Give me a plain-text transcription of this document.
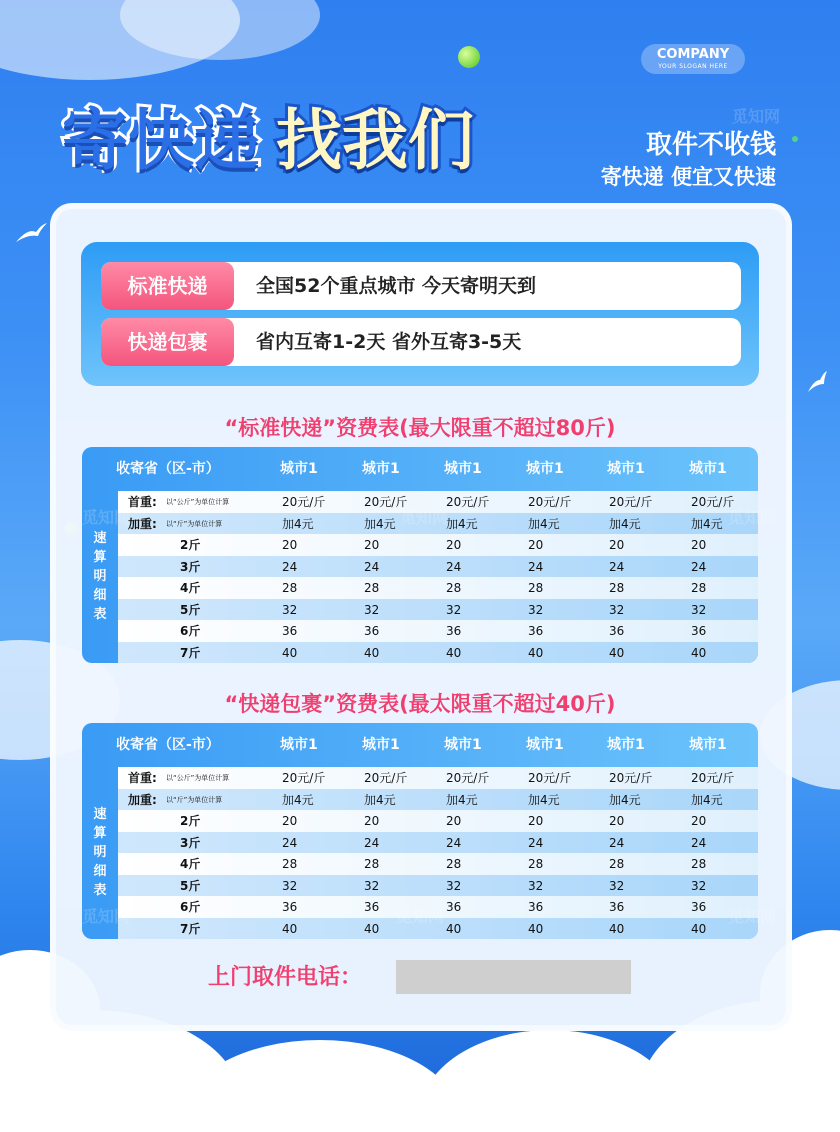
COMPANY
YOUR SLOGAN HERE
寄快递 找我们	取件不收钱
寄快递 便宜又快速
标准快递	全国52个重点城市 今天寄明天到
快递包裹	省内互寄1-2天 省外互寄3-5天
“标准快递”资费表(最大限重不超过80斤)
收寄省（区-市）	城市1	城市1	城市1	城市1	城市1	城市1
速
算
明
细
表
首重: 以“公斤”为单位计算	20元/斤	20元/斤	20元/斤	20元/斤	20元/斤	20元/斤
加重: 以“斤”为单位计算	加4元	加4元	加4元	加4元	加4元	加4元
2斤	20	20	20	20	20	20
3斤	24	24	24	24	24	24
4斤	28	28	28	28	28	28
5斤	32	32	32	32	32	32
6斤	36	36	36	36	36	36
7斤	40	40	40	40	40	40
“快递包裹”资费表(最太限重不超过40斤)
收寄省（区-市）	城市1	城市1	城市1	城市1	城市1	城市1
速
算
明
细
表
首重: 以“公斤”为单位计算	20元/斤	20元/斤	20元/斤	20元/斤	20元/斤	20元/斤
加重: 以“斤”为单位计算	加4元	加4元	加4元	加4元	加4元	加4元
2斤	20	20	20	20	20	20
3斤	24	24	24	24	24	24
4斤	28	28	28	28	28	28
5斤	32	32	32	32	32	32
6斤	36	36	36	36	36	36
7斤	40	40	40	40	40	40
上门取件电话：
觅知网
觅知网
觅知网	觅知网	觅知网
觅知网	觅知网	觅知网
觅知网	觅知网
